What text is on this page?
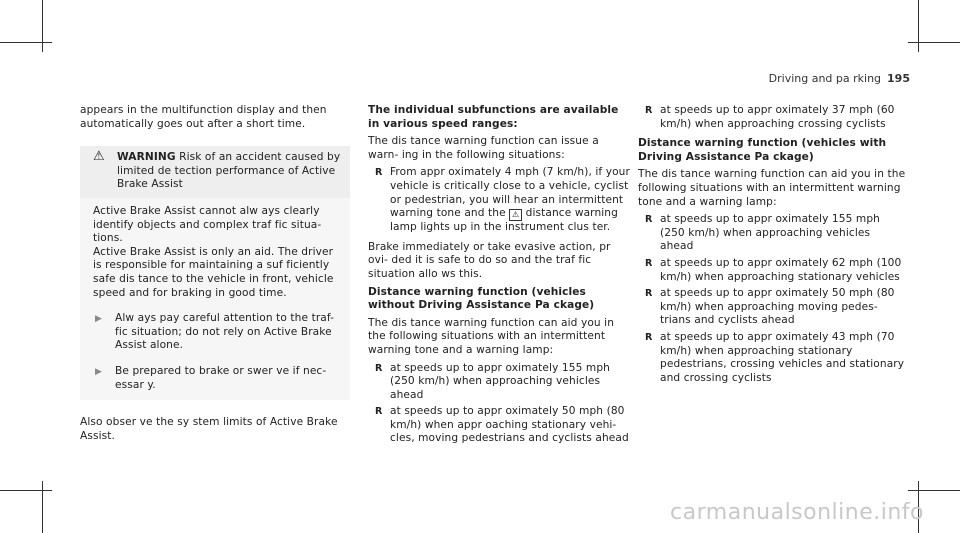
Driving and pa rking 195

appears in the multifunction display and then automatically goes out after a short time.

⚠	WARNING Risk of an accident caused by limited de tection performance of Active Brake Assist

Active Brake Assist cannot alw ays clearly identify objects and complex traf fic situa- tions.

Active Brake Assist is only an aid. The driver is responsible for maintaining a suf ficiently safe dis tance to the vehicle in front, vehicle speed and for braking in good time.

▶	Alw ays pay careful attention to the traf- fic situation; do not rely on Active Brake Assist alone.
▶	Be prepared to brake or swer ve if nec- essar y.

Also obser ve the sy stem limits of Active Brake Assist.

The individual subfunctions are available in various speed ranges:

The dis tance warning function can issue a warn- ing in the following situations:

R From appr oximately 4 mph (7 km/h), if your vehicle is critically close to a vehicle, cyclist or pedestrian, you will hear an intermittent warning tone and the ⚠ distance warning lamp lights up in the instrument clus ter.

Brake immediately or take evasive action, pr ovi- ded it is safe to do so and the traf fic situation allo ws this.

Distance warning function (vehicles without Driving Assistance Pa ckage)

The dis tance warning function can aid you in the following situations with an intermittent warning tone and a warning lamp:

R at speeds up to appr oximately 155 mph (250 km/h) when approaching vehicles ahead
R at speeds up to appr oximately 50 mph (80 km/h) when appr oaching stationary vehi- cles, moving pedestrians and cyclists ahead
R at speeds up to appr oximately 37 mph (60 km/h) when approaching crossing cyclists

Distance warning function (vehicles with Driving Assistance Pa ckage)

The dis tance warning function can aid you in the following situations with an intermittent warning tone and a warning lamp:

R at speeds up to appr oximately 155 mph (250 km/h) when approaching vehicles ahead
R at speeds up to appr oximately 62 mph (100 km/h) when approaching stationary vehicles
R at speeds up to appr oximately 50 mph (80 km/h) when approaching moving pedes- trians and cyclists ahead
R at speeds up to appr oximately 43 mph (70 km/h) when approaching stationary pedestrians, crossing vehicles and stationary and crossing cyclists
carmanualsonline.info
